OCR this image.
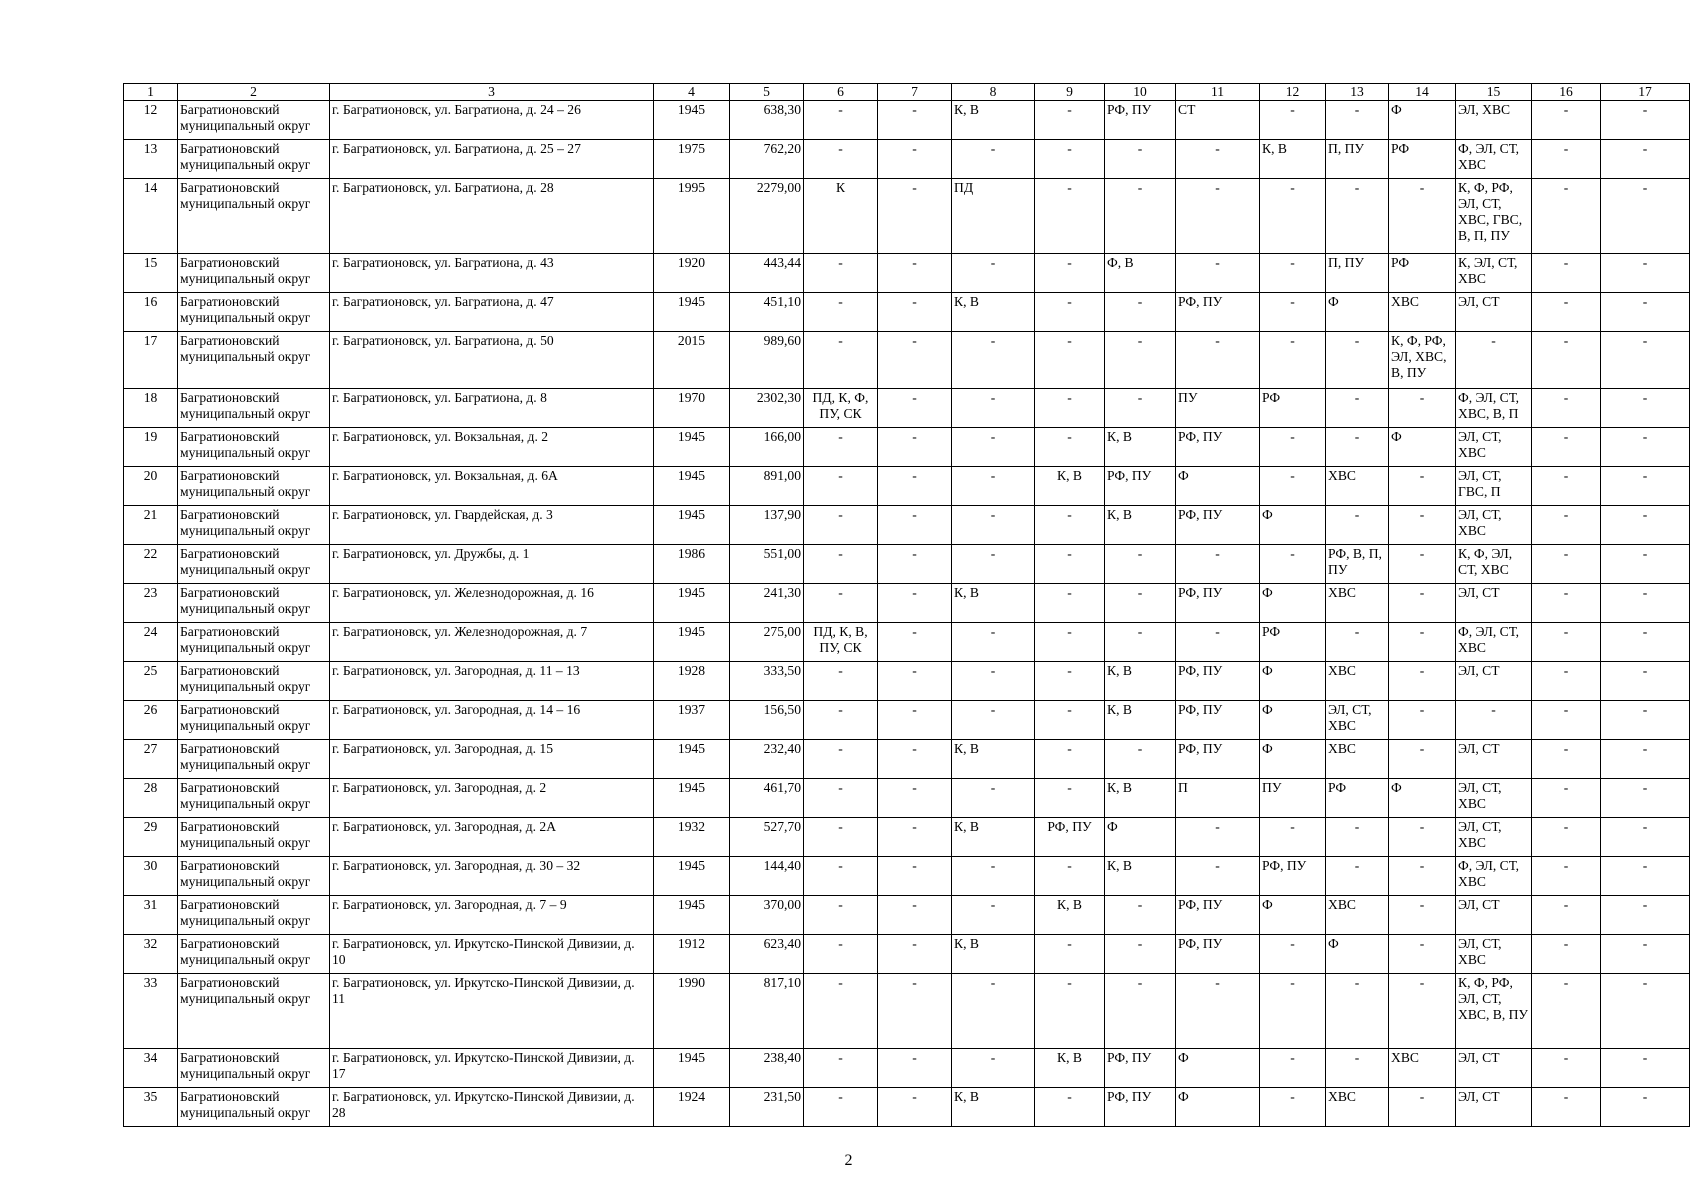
1	2	3	4	5	6	7	8	9	10	11	12	13	14	15	16	17
12	Багратионовский муниципальный округ	г. Багратионовск, ул. Багратиона, д. 24 – 26	1945	638,30	-	-	К, В	-	РФ, ПУ	СТ	-	-	Ф	ЭЛ, ХВС	-	-
13	Багратионовский муниципальный округ	г. Багратионовск, ул. Багратиона, д. 25 – 27	1975	762,20	-	-	-	-	-	-	К, В	П, ПУ	РФ	Ф, ЭЛ, СТ, ХВС	-	-
14	Багратионовский муниципальный округ	г. Багратионовск, ул. Багратиона, д. 28	1995	2279,00	К	-	ПД	-	-	-	-	-	-	К, Ф, РФ, ЭЛ, СТ, ХВС, ГВС, В, П, ПУ	-	-
15	Багратионовский муниципальный округ	г. Багратионовск, ул. Багратиона, д. 43	1920	443,44	-	-	-	-	Ф, В	-	-	П, ПУ	РФ	К, ЭЛ, СТ, ХВС	-	-
16	Багратионовский муниципальный округ	г. Багратионовск, ул. Багратиона, д. 47	1945	451,10	-	-	К, В	-	-	РФ, ПУ	-	Ф	ХВС	ЭЛ, СТ	-	-
17	Багратионовский муниципальный округ	г. Багратионовск, ул. Багратиона, д. 50	2015	989,60	-	-	-	-	-	-	-	-	К, Ф, РФ, ЭЛ, ХВС, В, ПУ	-	-	-
18	Багратионовский муниципальный округ	г. Багратионовск, ул. Багратиона, д. 8	1970	2302,30	ПД, К, Ф, ПУ, СК	-	-	-	-	ПУ	РФ	-	-	Ф, ЭЛ, СТ, ХВС, В, П	-	-
19	Багратионовский муниципальный округ	г. Багратионовск, ул. Вокзальная, д. 2	1945	166,00	-	-	-	-	К, В	РФ, ПУ	-	-	Ф	ЭЛ, СТ, ХВС	-	-
20	Багратионовский муниципальный округ	г. Багратионовск, ул. Вокзальная, д. 6А	1945	891,00	-	-	-	К, В	РФ, ПУ	Ф	-	ХВС	-	ЭЛ, СТ, ГВС, П	-	-
21	Багратионовский муниципальный округ	г. Багратионовск, ул. Гвардейская, д. 3	1945	137,90	-	-	-	-	К, В	РФ, ПУ	Ф	-	-	ЭЛ, СТ, ХВС	-	-
22	Багратионовский муниципальный округ	г. Багратионовск, ул. Дружбы, д. 1	1986	551,00	-	-	-	-	-	-	-	РФ, В, П, ПУ	-	К, Ф, ЭЛ, СТ, ХВС	-	-
23	Багратионовский муниципальный округ	г. Багратионовск, ул. Железнодорожная, д. 16	1945	241,30	-	-	К, В	-	-	РФ, ПУ	Ф	ХВС	-	ЭЛ, СТ	-	-
24	Багратионовский муниципальный округ	г. Багратионовск, ул. Железнодорожная, д. 7	1945	275,00	ПД, К, В, ПУ, СК	-	-	-	-	-	РФ	-	-	Ф, ЭЛ, СТ, ХВС	-	-
25	Багратионовский муниципальный округ	г. Багратионовск, ул. Загородная, д. 11 – 13	1928	333,50	-	-	-	-	К, В	РФ, ПУ	Ф	ХВС	-	ЭЛ, СТ	-	-
26	Багратионовский муниципальный округ	г. Багратионовск, ул. Загородная, д. 14 – 16	1937	156,50	-	-	-	-	К, В	РФ, ПУ	Ф	ЭЛ, СТ, ХВС	-	-	-	-
27	Багратионовский муниципальный округ	г. Багратионовск, ул. Загородная, д. 15	1945	232,40	-	-	К, В	-	-	РФ, ПУ	Ф	ХВС	-	ЭЛ, СТ	-	-
28	Багратионовский муниципальный округ	г. Багратионовск, ул. Загородная, д. 2	1945	461,70	-	-	-	-	К, В	П	ПУ	РФ	Ф	ЭЛ, СТ, ХВС	-	-
29	Багратионовский муниципальный округ	г. Багратионовск, ул. Загородная, д. 2А	1932	527,70	-	-	К, В	РФ, ПУ	Ф	-	-	-	-	ЭЛ, СТ, ХВС	-	-
30	Багратионовский муниципальный округ	г. Багратионовск, ул. Загородная, д. 30 – 32	1945	144,40	-	-	-	-	К, В	-	РФ, ПУ	-	-	Ф, ЭЛ, СТ, ХВС	-	-
31	Багратионовский муниципальный округ	г. Багратионовск, ул. Загородная, д. 7 – 9	1945	370,00	-	-	-	К, В	-	РФ, ПУ	Ф	ХВС	-	ЭЛ, СТ	-	-
32	Багратионовский муниципальный округ	г. Багратионовск, ул. Иркутско-Пинской Дивизии, д. 10	1912	623,40	-	-	К, В	-	-	РФ, ПУ	-	Ф	-	ЭЛ, СТ, ХВС	-	-
33	Багратионовский муниципальный округ	г. Багратионовск, ул. Иркутско-Пинской Дивизии, д. 11	1990	817,10	-	-	-	-	-	-	-	-	-	К, Ф, РФ, ЭЛ, СТ, ХВС, В, ПУ	-	-
34	Багратионовский муниципальный округ	г. Багратионовск, ул. Иркутско-Пинской Дивизии, д. 17	1945	238,40	-	-	-	К, В	РФ, ПУ	Ф	-	-	ХВС	ЭЛ, СТ	-	-
35	Багратионовский муниципальный округ	г. Багратионовск, ул. Иркутско-Пинской Дивизии, д. 28	1924	231,50	-	-	К, В	-	РФ, ПУ	Ф	-	ХВС	-	ЭЛ, СТ	-	-
2
